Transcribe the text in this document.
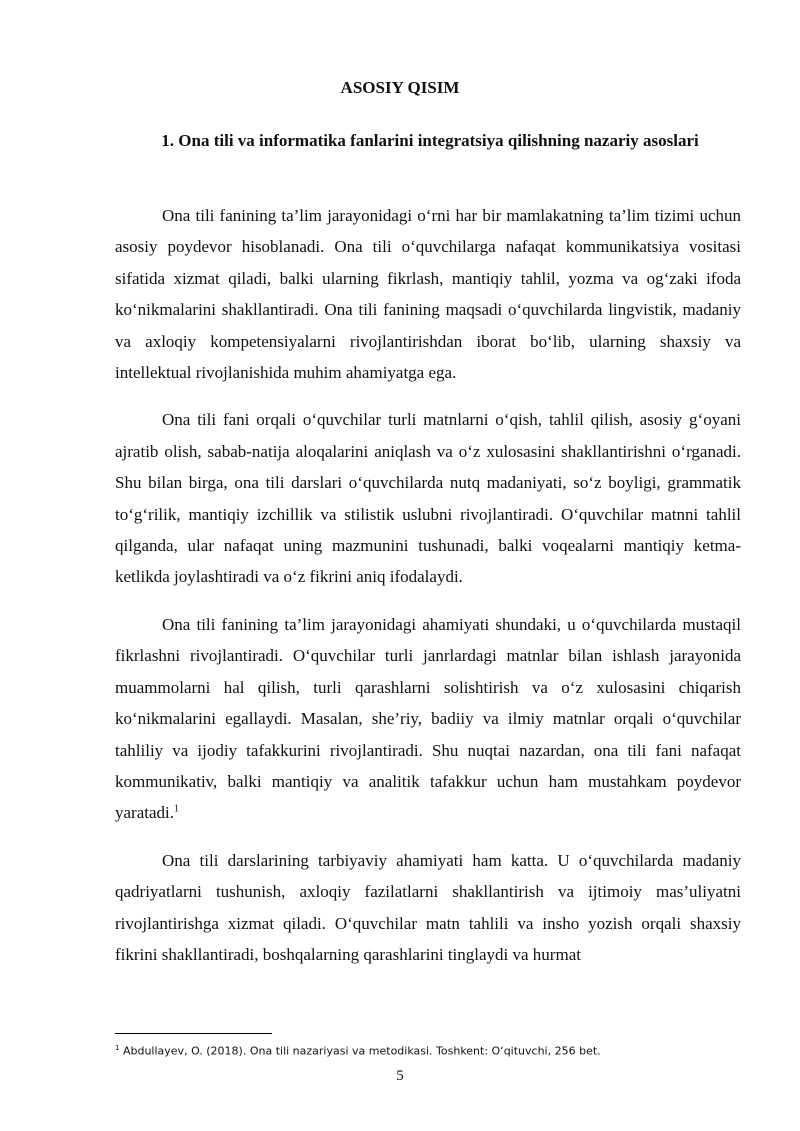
ASOSIY QISIM
1. Ona tili va informatika fanlarini integratsiya qilishning nazariy asoslari

Ona tili fanining ta’lim jarayonidagi o‘rni har bir mamlakatning ta’lim tizimi uchun asosiy poydevor hisoblanadi. Ona tili o‘quvchilarga nafaqat kommunikatsiya vositasi sifatida xizmat qiladi, balki ularning fikrlash, mantiqiy tahlil, yozma va og‘zaki ifoda ko‘nikmalarini shakllantiradi. Ona tili fanining maqsadi o‘quvchilarda lingvistik, madaniy va axloqiy kompetensiyalarni rivojlantirishdan iborat bo‘lib, ularning shaxsiy va intellektual rivojlanishida muhim ahamiyatga ega.

Ona tili fani orqali o‘quvchilar turli matnlarni o‘qish, tahlil qilish, asosiy g‘oyani ajratib olish, sabab-natija aloqalarini aniqlash va o‘z xulosasini shakllantirishni o‘rganadi. Shu bilan birga, ona tili darslari o‘quvchilarda nutq madaniyati, so‘z boyligi, grammatik to‘g‘rilik, mantiqiy izchillik va stilistik uslubni rivojlantiradi. O‘quvchilar matnni tahlil qilganda, ular nafaqat uning mazmunini tushunadi, balki voqealarni mantiqiy ketma-ketlikda joylashtiradi va o‘z fikrini aniq ifodalaydi.

Ona tili fanining ta’lim jarayonidagi ahamiyati shundaki, u o‘quvchilarda mustaqil fikrlashni rivojlantiradi. O‘quvchilar turli janrlardagi matnlar bilan ishlash jarayonida muammolarni hal qilish, turli qarashlarni solishtirish va o‘z xulosasini chiqarish ko‘nikmalarini egallaydi. Masalan, she’riy, badiiy va ilmiy matnlar orqali o‘quvchilar tahliliy va ijodiy tafakkurini rivojlantiradi. Shu nuqtai nazardan, ona tili fani nafaqat kommunikativ, balki mantiqiy va analitik tafakkur uchun ham mustahkam poydevor yaratadi.$^1$

Ona tili darslarining tarbiyaviy ahamiyati ham katta. U o‘quvchilarda madaniy qadriyatlarni tushunish, axloqiy fazilatlarni shakllantirish va ijtimoiy mas’uliyatni rivojlantirishga xizmat qiladi. O‘quvchilar matn tahlili va insho yozish orqali shaxsiy fikrini shakllantiradi, boshqalarning qarashlarini tinglaydi va hurmat

$^1$ Abdullayev, O. (2018). Ona tili nazariyasi va metodikasi. Toshkent: O‘qituvchi, 256 bet.
5
